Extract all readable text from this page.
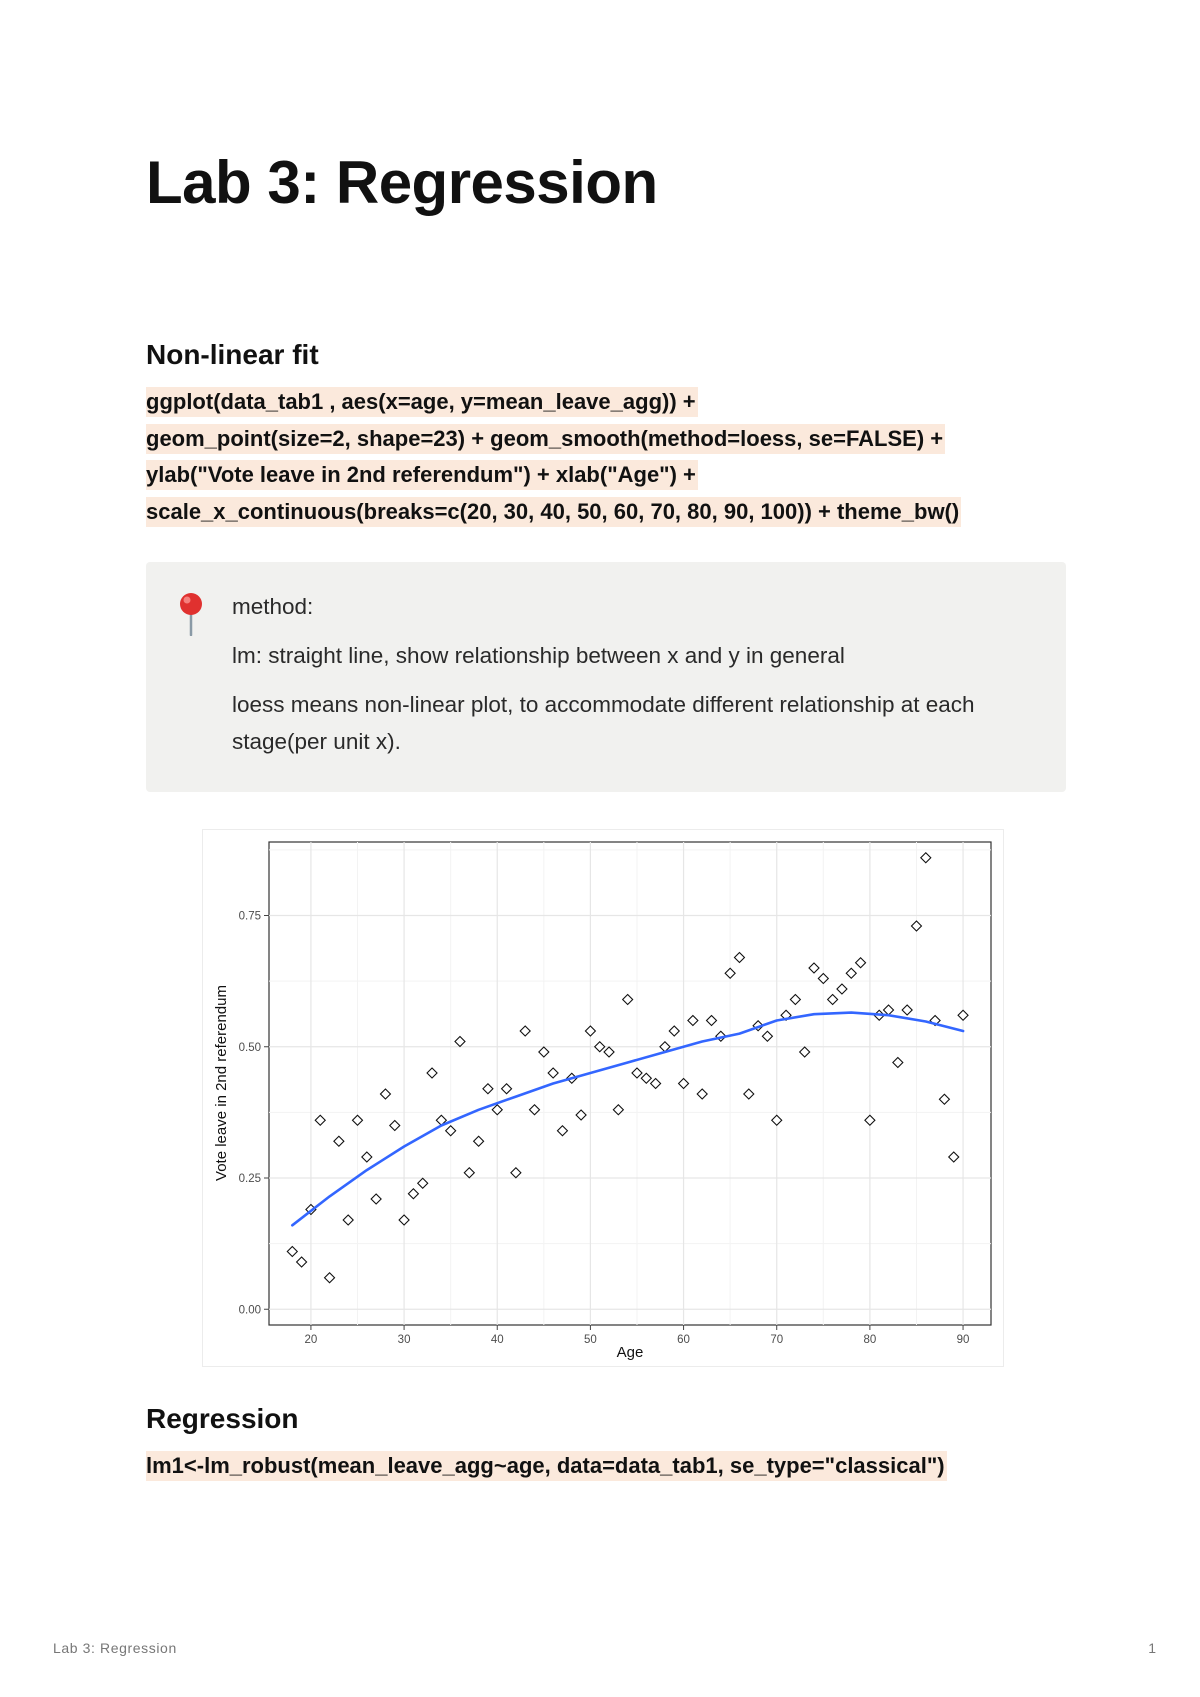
Lab 3: Regression
Non-linear fit
ggplot(data_tab1 , aes(x=age, y=mean_leave_agg)) +
geom_point(size=2, shape=23) + geom_smooth(method=loess, se=FALSE) +
ylab("Vote leave in 2nd referendum") + xlab("Age") +
scale_x_continuous(breaks=c(20, 30, 40, 50, 60, 70, 80, 90, 100)) + theme_bw()

method:

lm: straight line, show relationship between x and y in general

loess means non-linear plot, to accommodate different relationship at each stage(per unit x).

20	30	40	50	60	70	80	90
0.00
0.25
0.50
0.75
Age
Vote leave in 2nd referendum
Regression
lm1<-lm_robust(mean_leave_agg~age, data=data_tab1, se_type="classical")
Lab 3: Regression	1
